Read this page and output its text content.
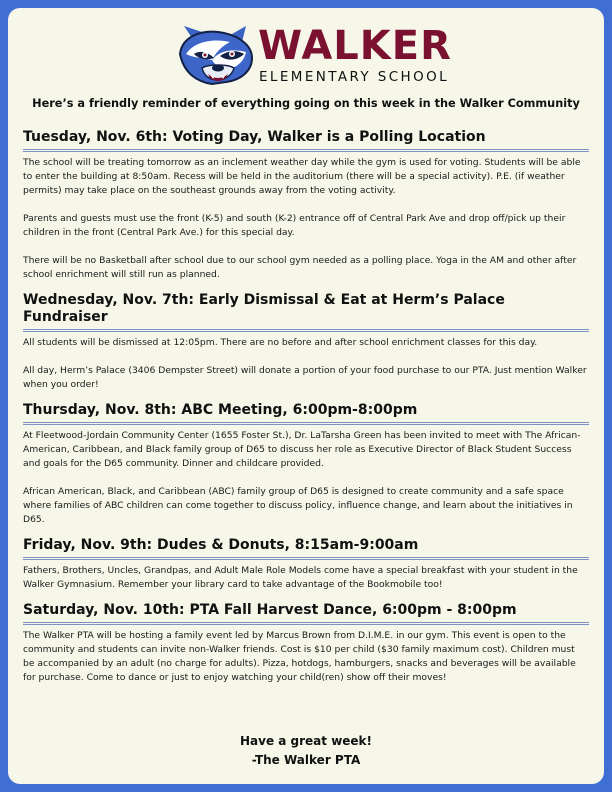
WALKER
ELEMENTARY SCHOOL
Here’s a friendly reminder of everything going on this week in the Walker Community
Tuesday, Nov. 6th: Voting Day, Walker is a Polling Location

The school will be treating tomorrow as an inclement weather day while the gym is used for voting. Students will be able to enter the building at 8:50am. Recess will be held in the auditorium (there will be a special activity). P.E. (if weather permits) may take place on the southeast grounds away from the voting activity.

Parents and guests must use the front (K-5) and south (K-2) entrance off of Central Park Ave and drop off/pick up their children in the front (Central Park Ave.) for this special day.

There will be no Basketball after school due to our school gym needed as a polling place. Yoga in the AM and other after school enrichment will still run as planned.

Wednesday, Nov. 7th: Early Dismissal & Eat at Herm’s Palace Fundraiser

All students will be dismissed at 12:05pm. There are no before and after school enrichment classes for this day.

All day, Herm’s Palace (3406 Dempster Street) will donate a portion of your food purchase to our PTA. Just mention Walker when you order!

Thursday, Nov. 8th: ABC Meeting, 6:00pm-8:00pm

At Fleetwood-Jordain Community Center (1655 Foster St.), Dr. LaTarsha Green has been invited to meet with The African-American, Caribbean, and Black family group of D65 to discuss her role as Executive Director of Black Student Success and goals for the D65 community. Dinner and childcare provided.

African American, Black, and Caribbean (ABC) family group of D65 is designed to create community and a safe space where families of ABC children can come together to discuss policy, influence change, and learn about the initiatives in D65.

Friday, Nov. 9th: Dudes & Donuts, 8:15am-9:00am

Fathers, Brothers, Uncles, Grandpas, and Adult Male Role Models come have a special breakfast with your student in the Walker Gymnasium. Remember your library card to take advantage of the Bookmobile too!

Saturday, Nov. 10th: PTA Fall Harvest Dance, 6:00pm - 8:00pm

The Walker PTA will be hosting a family event led by Marcus Brown from D.I.M.E. in our gym. This event is open to the community and students can invite non-Walker friends. Cost is $10 per child ($30 family maximum cost). Children must be accompanied by an adult (no charge for adults). Pizza, hotdogs, hamburgers, snacks and beverages will be available for purchase. Come to dance or just to enjoy watching your child(ren) show off their moves!

Have a great week!
-The Walker PTA
